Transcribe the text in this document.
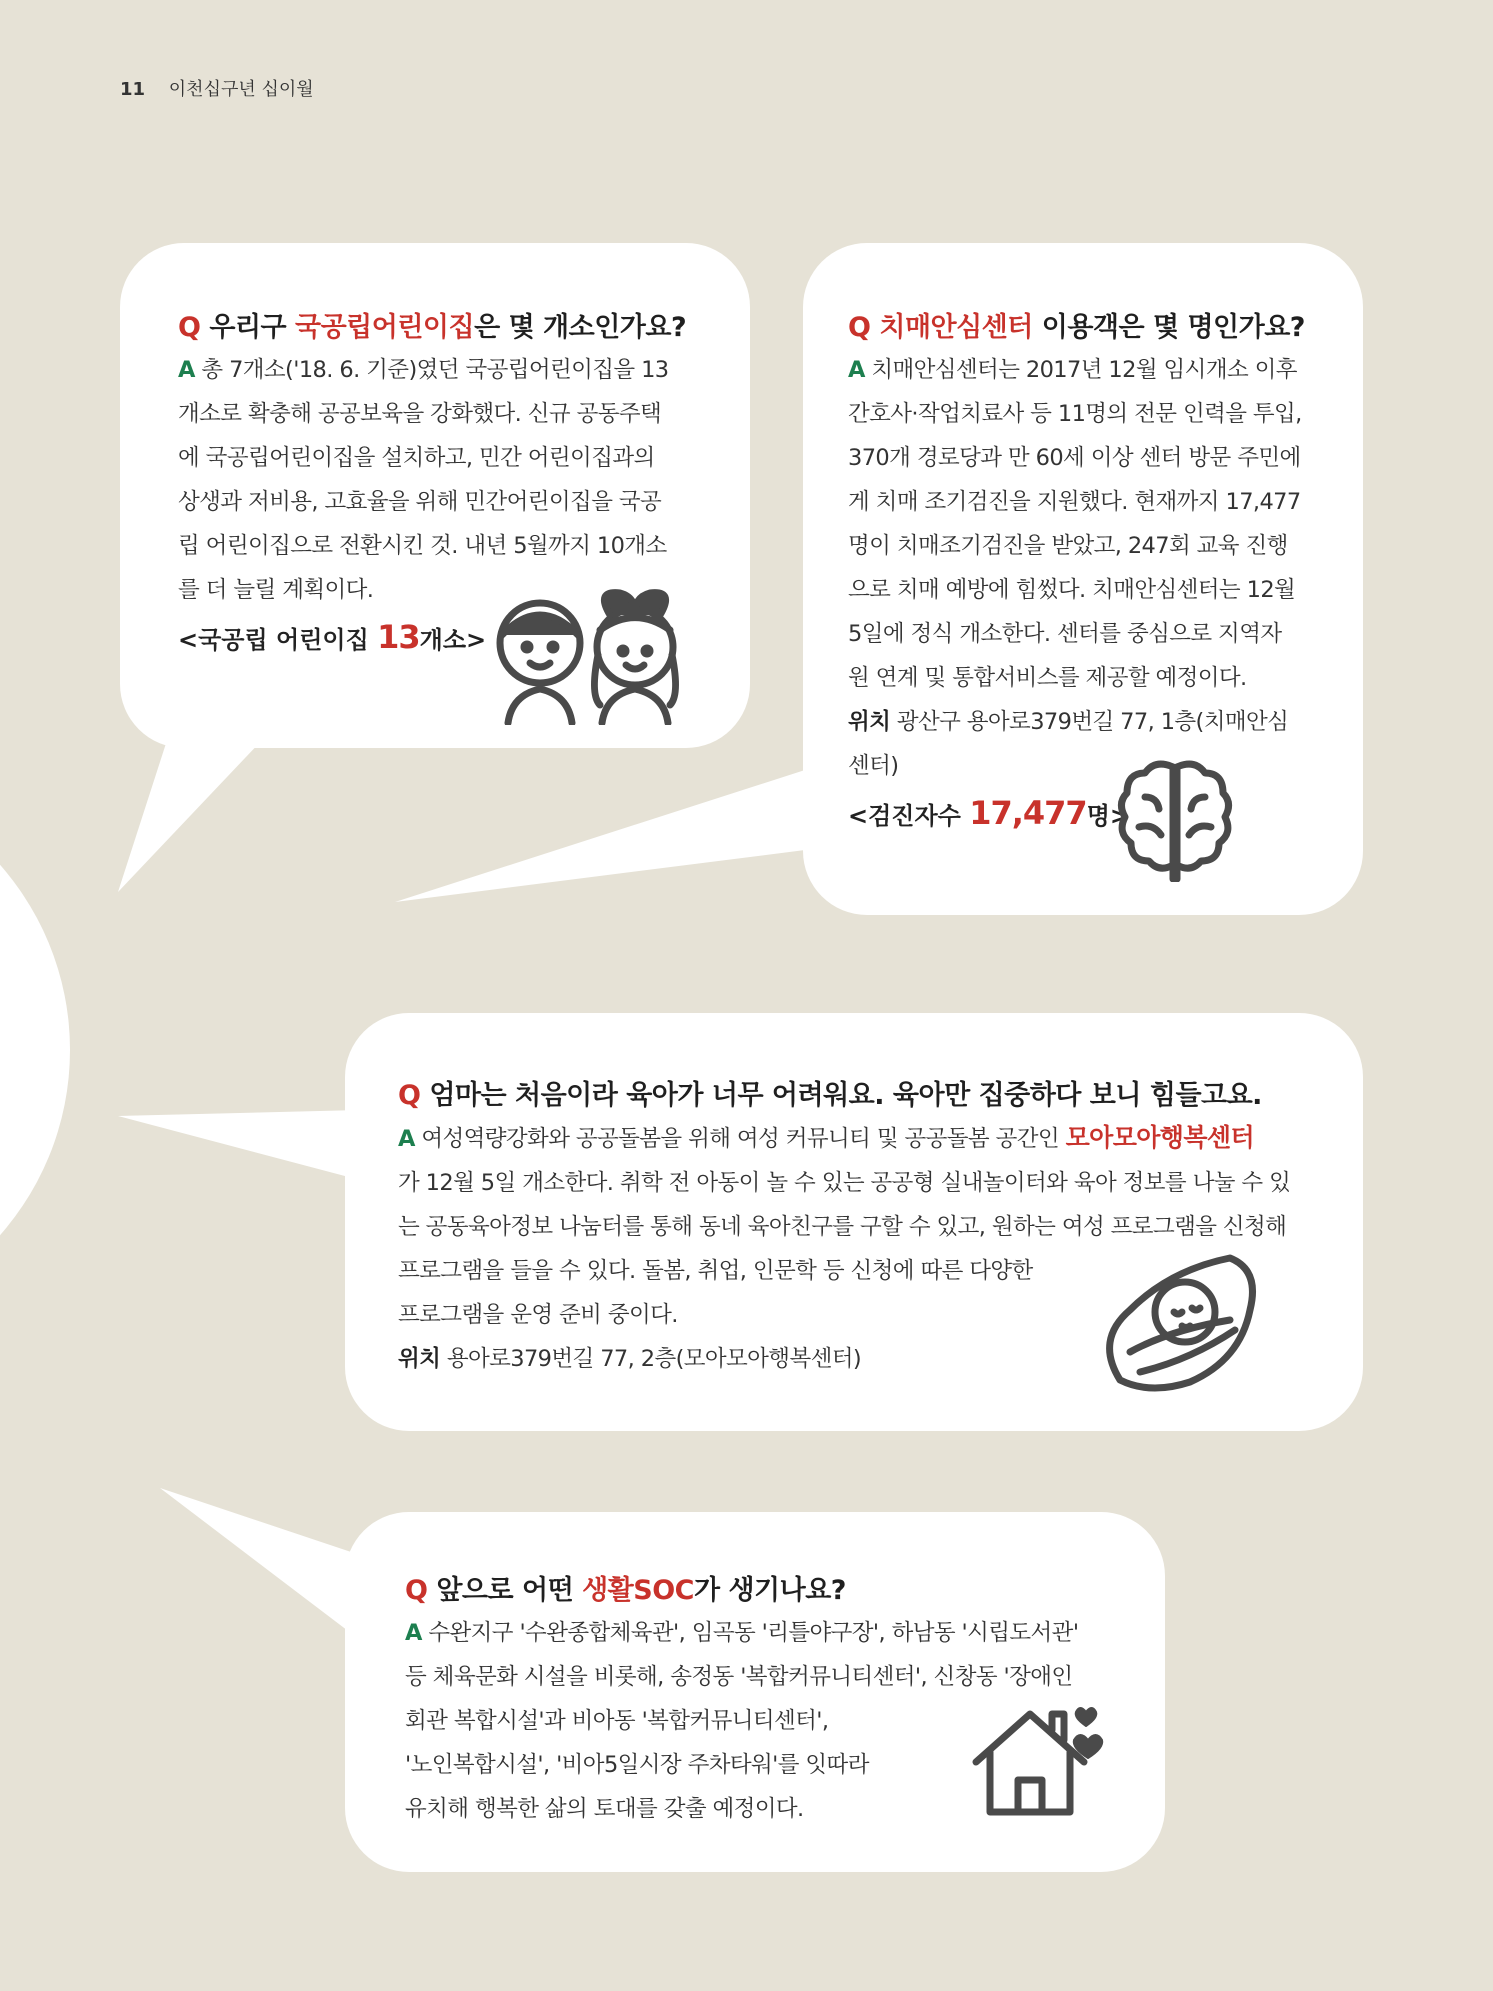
11 이천십구년 십이월
Q 우리구 국공립어린이집은 몇 개소인가요?

A 총 7개소('18. 6. 기준)였던 국공립어린이집을 13

개소로 확충해 공공보육을 강화했다. 신규 공동주택

에 국공립어린이집을 설치하고, 민간 어린이집과의

상생과 저비용, 고효율을 위해 민간어린이집을 국공

립 어린이집으로 전환시킨 것. 내년 5월까지 10개소

를 더 늘릴 계획이다.

<국공립 어린이집 13개소>
Q 치매안심센터 이용객은 몇 명인가요?

A 치매안심센터는 2017년 12월 임시개소 이후

간호사·작업치료사 등 11명의 전문 인력을 투입,

370개 경로당과 만 60세 이상 센터 방문 주민에

게 치매 조기검진을 지원했다. 현재까지 17,477

명이 치매조기검진을 받았고, 247회 교육 진행

으로 치매 예방에 힘썼다. 치매안심센터는 12월

5일에 정식 개소한다. 센터를 중심으로 지역자

원 연계 및 통합서비스를 제공할 예정이다.

위치 광산구 용아로379번길 77, 1층(치매안심

센터)

<검진자수 17,477명>
Q 엄마는 처음이라 육아가 너무 어려워요. 육아만 집중하다 보니 힘들고요.

A 여성역량강화와 공공돌봄을 위해 여성 커뮤니티 및 공공돌봄 공간인 모아모아행복센터

가 12월 5일 개소한다. 취학 전 아동이 놀 수 있는 공공형 실내놀이터와 육아 정보를 나눌 수 있

는 공동육아정보 나눔터를 통해 동네 육아친구를 구할 수 있고, 원하는 여성 프로그램을 신청해

프로그램을 들을 수 있다. 돌봄, 취업, 인문학 등 신청에 따른 다양한

프로그램을 운영 준비 중이다.

위치 용아로379번길 77, 2층(모아모아행복센터)

Q 앞으로 어떤 생활SOC가 생기나요?

A 수완지구 '수완종합체육관', 임곡동 '리틀야구장', 하남동 '시립도서관'

등 체육문화 시설을 비롯해, 송정동 '복합커뮤니티센터', 신창동 '장애인

회관 복합시설'과 비아동 '복합커뮤니티센터',

'노인복합시설', '비아5일시장 주차타워'를 잇따라

유치해 행복한 삶의 토대를 갖출 예정이다.
